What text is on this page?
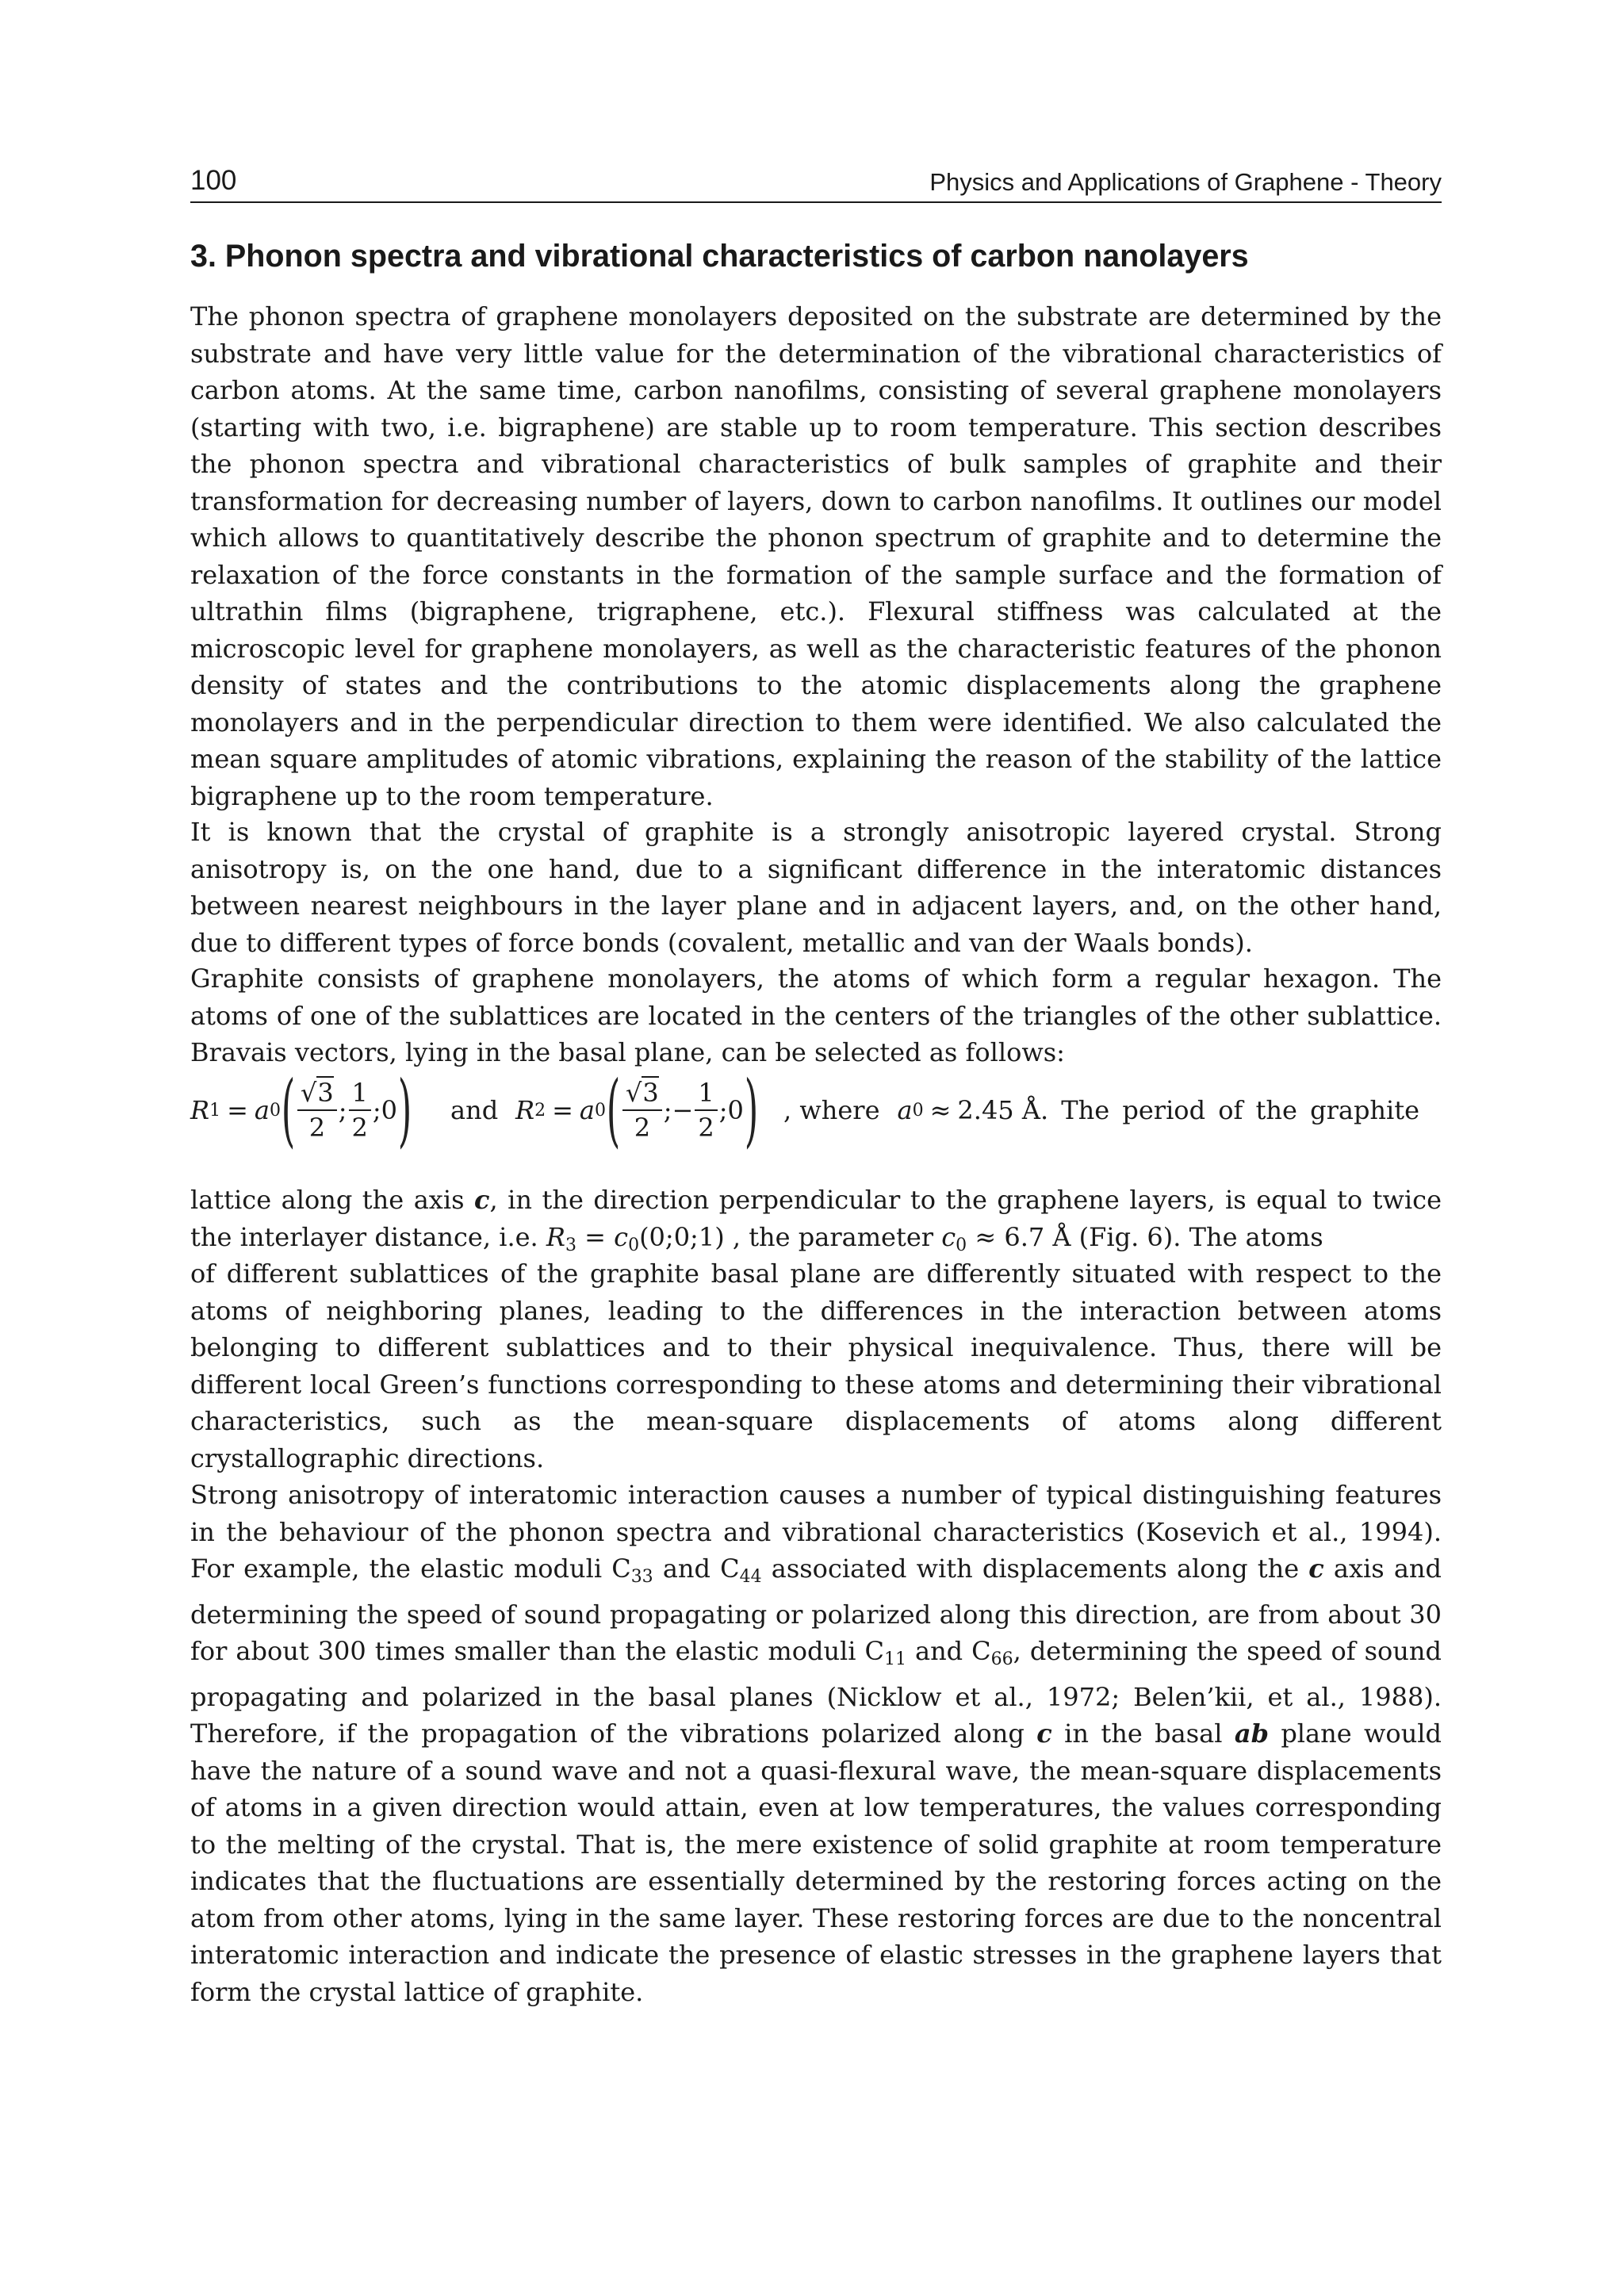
100	Physics and Applications of Graphene - Theory
3. Phonon spectra and vibrational characteristics of carbon nanolayers

The phonon spectra of graphene monolayers deposited on the substrate are determined by the substrate and have very little value for the determination of the vibrational characteristics of carbon atoms. At the same time, carbon nanofilms, consisting of several graphene monolayers (starting with two, i.e. bigraphene) are stable up to room temperature. This section describes the phonon spectra and vibrational characteristics of bulk samples of graphite and their transformation for decreasing number of layers, down to carbon nanofilms. It outlines our model which allows to quantitatively describe the phonon spectrum of graphite and to determine the relaxation of the force constants in the formation of the sample surface and the formation of ultrathin films (bigraphene, trigraphene, etc.). Flexural stiffness was calculated at the microscopic level for graphene monolayers, as well as the characteristic features of the phonon density of states and the contributions to the atomic displacements along the graphene monolayers and in the perpendicular direction to them were identified. We also calculated the mean square amplitudes of atomic vibrations, explaining the reason of the stability of the lattice bigraphene up to the room temperature.

It is known that the crystal of graphite is a strongly anisotropic layered crystal. Strong anisotropy is, on the one hand, due to a significant difference in the interatomic distances between nearest neighbours in the layer plane and in adjacent layers, and, on the other hand, due to different types of force bonds (covalent, metallic and van der Waals bonds).

Graphite consists of graphene monolayers, the atoms of which form a regular hexagon. The atoms of one of the sublattices are located in the centers of the triangles of the other sublattice. Bravais vectors, lying in the basal plane, can be selected as follows:

R 1 = a 0 ( $\frac{√3}{2}$ ; $\frac{1}{2}$ ; 0 ) and R 2 = a 0 ( $\frac{√3}{2}$ ;− $\frac{1}{2}$ ; 0 ) , where a 0 ≈ 2.45 Å . The period of the graphite

lattice along the axis c, in the direction perpendicular to the graphene layers, is equal to twice the interlayer distance, i.e. $R_3$ = $c_0(0;0;1)$ , the parameter $c_0 \approx 6.7$ Å (Fig. 6). The atoms

of different sublattices of the graphite basal plane are differently situated with respect to the atoms of neighboring planes, leading to the differences in the interaction between atoms belonging to different sublattices and to their physical inequivalence. Thus, there will be different local Green’s functions corresponding to these atoms and determining their vibrational characteristics, such as the mean-square displacements of atoms along different crystallographic directions.

Strong anisotropy of interatomic interaction causes a number of typical distinguishing features in the behaviour of the phonon spectra and vibrational characteristics (Kosevich et al., 1994). For example, the elastic moduli $C_{33}$ and $C_{44}$ associated with displacements along the c axis and determining the speed of sound propagating or polarized along this direction, are from about 30 for about 300 times smaller than the elastic moduli $C_{11}$ and $C_{66}$, determining the speed of sound propagating and polarized in the basal planes (Nicklow et al., 1972; Belen’kii, et al., 1988). Therefore, if the propagation of the vibrations polarized along c in the basal ab plane would have the nature of a sound wave and not a quasi-flexural wave, the mean-square displacements of atoms in a given direction would attain, even at low temperatures, the values corresponding to the melting of the crystal. That is, the mere existence of solid graphite at room temperature indicates that the fluctuations are essentially determined by the restoring forces acting on the atom from other atoms, lying in the same layer. These restoring forces are due to the noncentral interatomic interaction and indicate the presence of elastic stresses in the graphene layers that form the crystal lattice of graphite.
